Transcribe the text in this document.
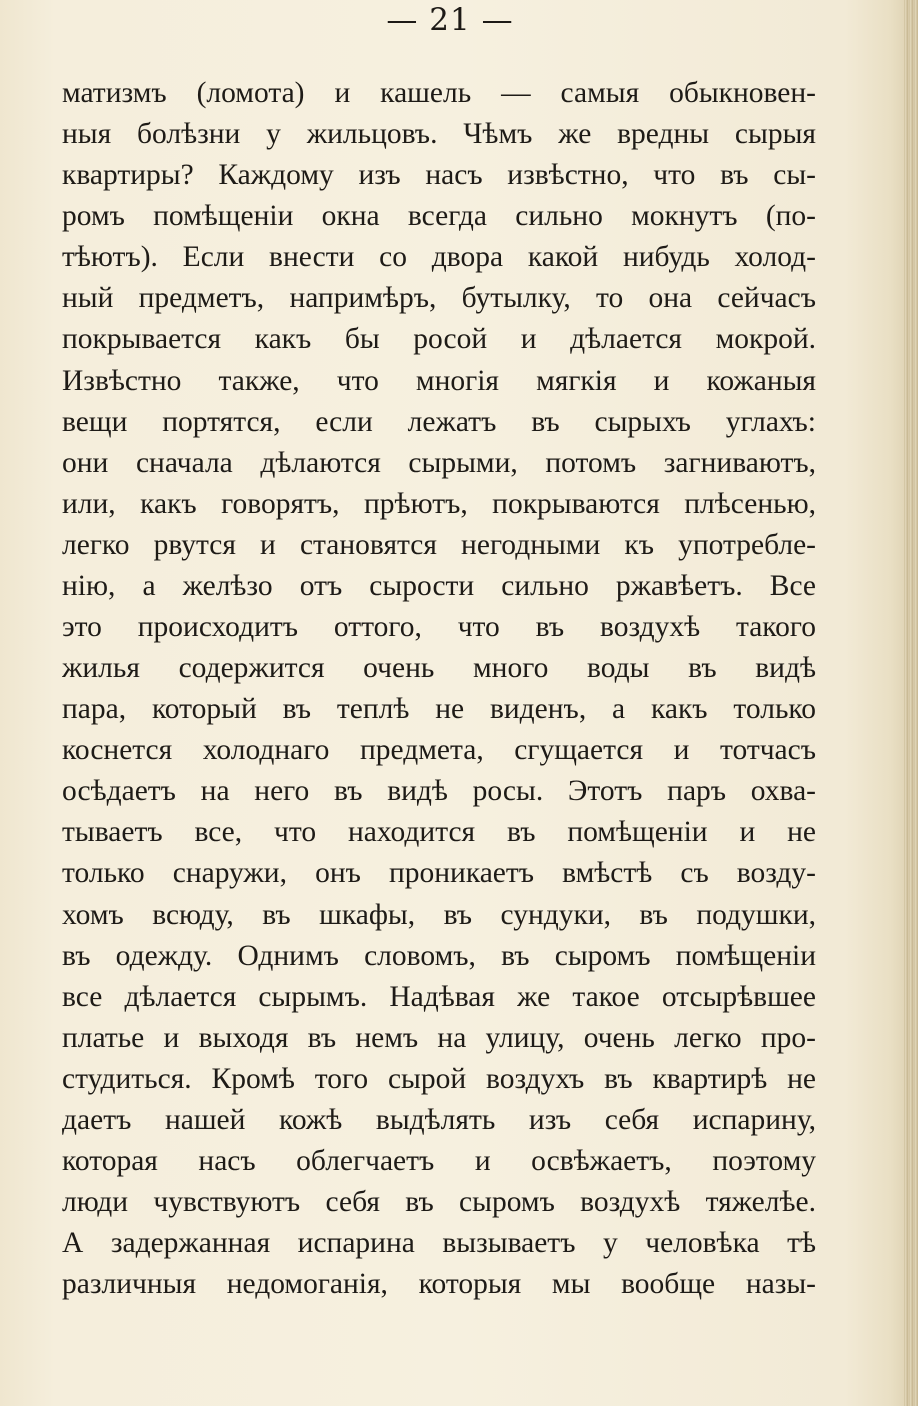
— 21 —
матизмъ (ломота) и кашель — самыя обыкновен-
ныя болѣзни у жильцовъ. Чѣмъ же вредны сырыя
квартиры? Каждому изъ насъ извѣстно, что въ сы-
ромъ помѣщеніи окна всегда сильно мокнутъ (по-
тѣютъ). Если внести со двора какой нибудь холод-
ный предметъ, напримѣръ, бутылку, то она сейчасъ
покрывается какъ бы росой и дѣлается мокрой.
Извѣстно также, что многія мягкія и кожаныя
вещи портятся, если лежатъ въ сырыхъ углахъ:
они сначала дѣлаются сырыми, потомъ загниваютъ,
или, какъ говорятъ, прѣютъ, покрываются плѣсенью,
легко рвутся и становятся негодными къ употребле-
нію, а желѣзо отъ сырости сильно ржавѣетъ. Все
это происходитъ оттого, что въ воздухѣ такого
жилья содержится очень много воды въ видѣ
пара, который въ теплѣ не виденъ, а какъ только
коснется холоднаго предмета, сгущается и тотчасъ
осѣдаетъ на него въ видѣ росы. Этотъ паръ охва-
тываетъ все, что находится въ помѣщеніи и не
только снаружи, онъ проникаетъ вмѣстѣ съ возду-
хомъ всюду, въ шкафы, въ сундуки, въ подушки,
въ одежду. Однимъ словомъ, въ сыромъ помѣщеніи
все дѣлается сырымъ. Надѣвая же такое отсырѣвшее
платье и выходя въ немъ на улицу, очень легко про-
студиться. Кромѣ того сырой воздухъ въ квартирѣ не
даетъ нашей кожѣ выдѣлять изъ себя испарину,
которая насъ облегчаетъ и освѣжаетъ, поэтому
люди чувствуютъ себя въ сыромъ воздухѣ тяжелѣе.
А задержанная испарина вызываетъ у человѣка тѣ
различныя недомоганія, которыя мы вообще назы-
